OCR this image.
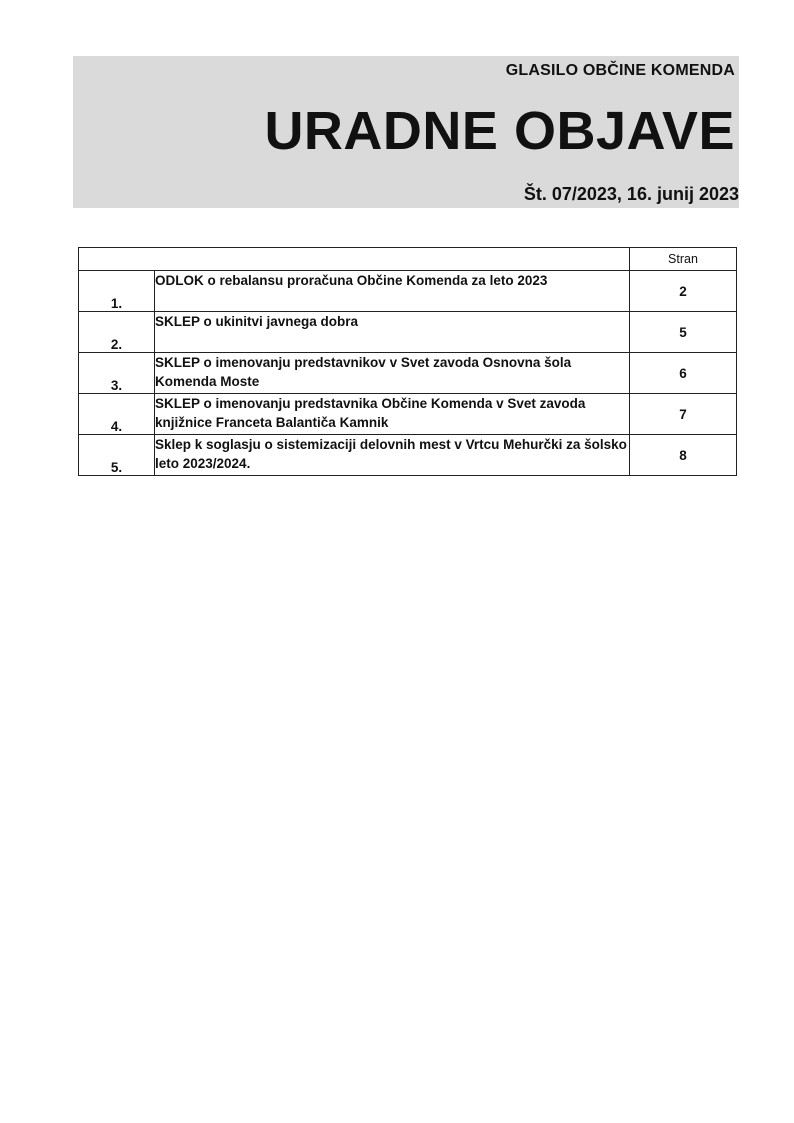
GLASILO OBČINE KOMENDA
URADNE OBJAVE
Št. 07/2023, 16. junij 2023
		Stran
1.	ODLOK o rebalansu proračuna Občine Komenda za leto 2023	2
2.	SKLEP o ukinitvi javnega dobra	5
3.	SKLEP o imenovanju predstavnikov v Svet zavoda Osnovna šola Komenda Moste	6
4.	SKLEP o imenovanju predstavnika Občine Komenda v Svet zavoda knjižnice Franceta Balantiča Kamnik	7
5.	Sklep k soglasju o sistemizaciji delovnih mest v Vrtcu Mehurčki za šolsko leto 2023/2024.	8
